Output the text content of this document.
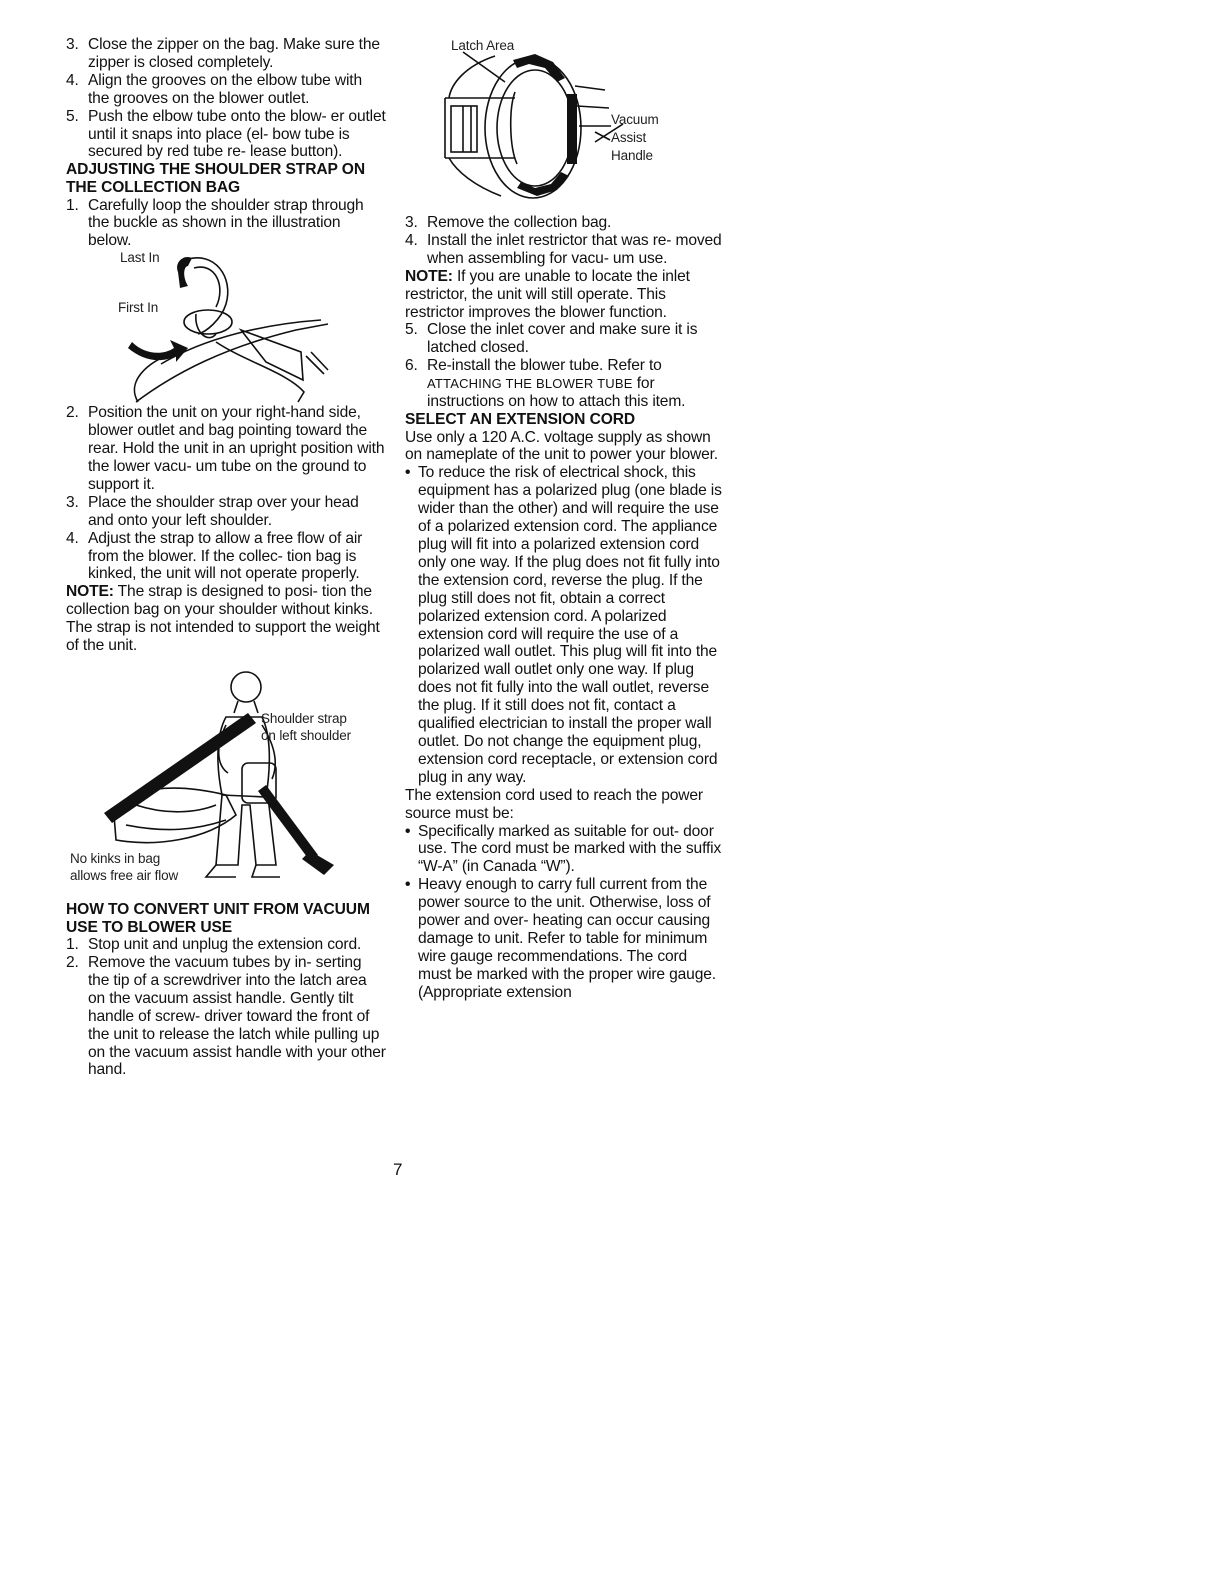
3. Close the zipper on the bag. Make sure the zipper is closed completely.
4. Align the grooves on the elbow tube with the grooves on the blower outlet.
5. Push the elbow tube onto the blow- er outlet until it snaps into place (el- bow tube is secured by red tube re- lease button).
ADJUSTING THE SHOULDER STRAP ON THE COLLECTION BAG
1. Carefully loop the shoulder strap through the buckle as shown in the illustration below.
Last In
First In
2. Position the unit on your right-hand side, blower outlet and bag pointing toward the rear. Hold the unit in an upright position with the lower vacu- um tube on the ground to support it.
3. Place the shoulder strap over your head and onto your left shoulder.
4. Adjust the strap to allow a free flow of air from the blower. If the collec- tion bag is kinked, the unit will not operate properly.

NOTE: The strap is designed to posi- tion the collection bag on your shoulder without kinks. The strap is not intended to support the weight of the unit.

Shoulder strap
on left shoulder
No kinks in bag
allows free air flow
HOW TO CONVERT UNIT FROM VACUUM USE TO BLOWER USE
1. Stop unit and unplug the extension cord.
2. Remove the vacuum tubes by in- serting the tip of a screwdriver into the latch area on the vacuum assist handle. Gently tilt handle of screw- driver toward the front of the unit to release the latch while pulling up on the vacuum assist handle with your other hand.
Latch Area
Vacuum
Assist
Handle
3. Remove the collection bag.
4. Install the inlet restrictor that was re- moved when assembling for vacu- um use.

NOTE: If you are unable to locate the inlet restrictor, the unit will still operate. This restrictor improves the blower function.

5. Close the inlet cover and make sure it is latched closed.
6. Re-install the blower tube. Refer to ATTACHING THE BLOWER TUBE for instructions on how to attach this item.
SELECT AN EXTENSION CORD

Use only a 120 A.C. voltage supply as shown on nameplate of the unit to power your blower.

• To reduce the risk of electrical shock, this equipment has a polarized plug (one blade is wider than the other) and will require the use of a polarized extension cord. The appliance plug will fit into a polarized extension cord only one way. If the plug does not fit fully into the extension cord, reverse the plug. If the plug still does not fit, obtain a correct polarized extension cord. A polarized extension cord will require the use of a polarized wall outlet. This plug will fit into the polarized wall outlet only one way. If plug does not fit fully into the wall outlet, reverse the plug. If it still does not fit, contact a qualified electrician to install the proper wall outlet. Do not change the equipment plug, extension cord receptacle, or extension cord plug in any way.

The extension cord used to reach the power source must be:

• Specifically marked as suitable for out- door use. The cord must be marked with the suffix “W-A” (in Canada “W”).
• Heavy enough to carry full current from the power source to the unit. Otherwise, loss of power and over- heating can occur causing damage to unit. Refer to table for minimum wire gauge recommendations. The cord must be marked with the proper wire gauge. (Appropriate extension
7
